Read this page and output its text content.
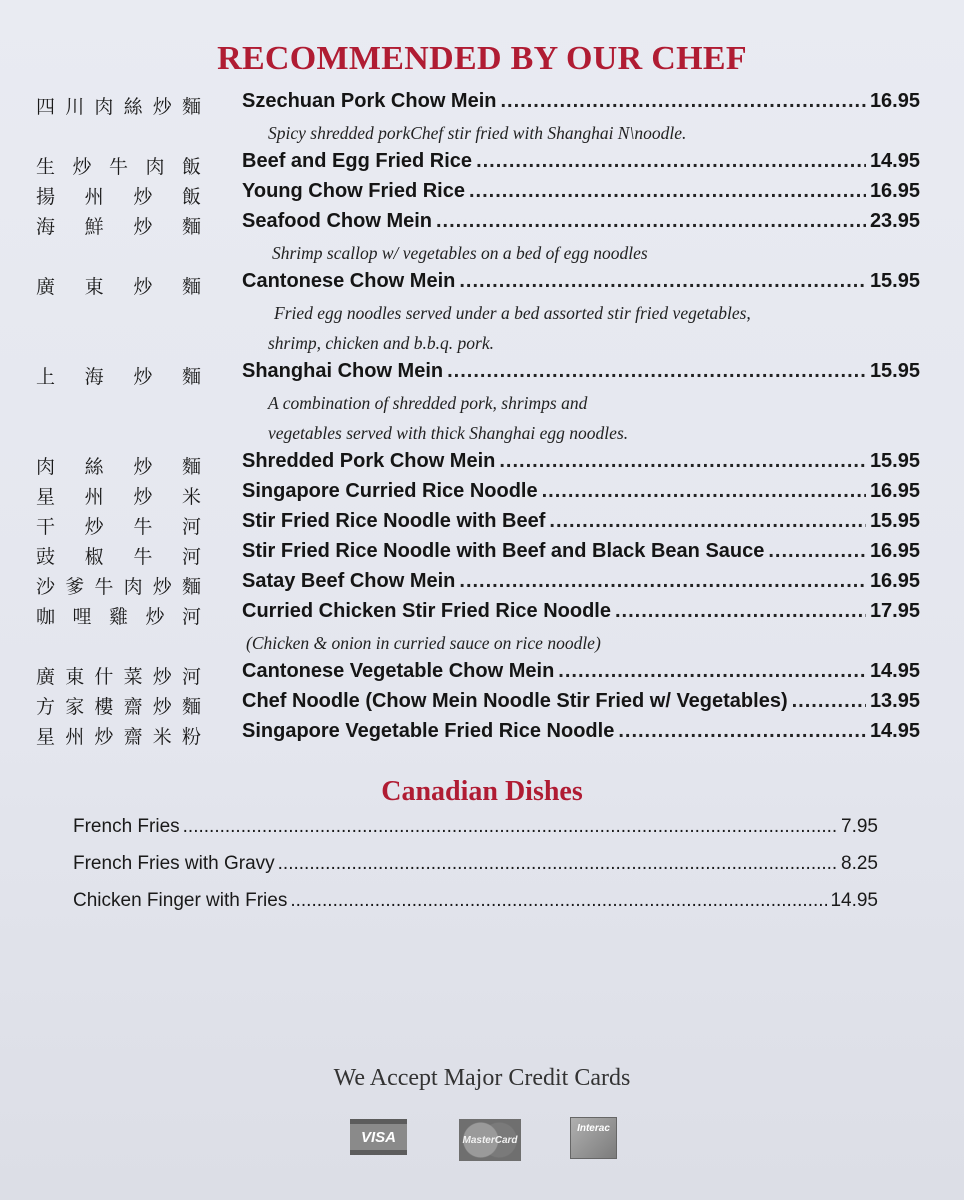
RECOMMENDED BY OUR CHEF
四 川 肉 絲 炒 麵 Szechuan Pork Chow Mein .....	16.95
Spicy shredded porkChef stir fried with Shanghai N\noodle.
生 炒 牛 肉 飯 Beef and Egg Fried Rice .....	14.95
揚 州 炒 飯 Young Chow Fried Rice .....	16.95
海 鮮 炒 麵 Seafood Chow Mein .....	23.95
Shrimp scallop w/ vegetables on a bed of egg noodles
廣 東 炒 麵 Cantonese Chow Mein .....	15.95
Fried egg noodles served under a bed assorted stir fried vegetables,
shrimp, chicken and b.b.q. pork.
上 海 炒 麵 Shanghai Chow Mein .....	15.95
A combination of shredded pork, shrimps and
vegetables served with thick Shanghai egg noodles.
肉 絲 炒 麵 Shredded Pork Chow Mein .....	15.95
星 州 炒 米 Singapore Curried Rice Noodle .....	16.95
干 炒 牛 河 Stir Fried Rice Noodle with Beef .....	15.95
豉 椒 牛 河 Stir Fried Rice Noodle with Beef and Black Bean Sauce .....	16.95
沙 爹 牛 肉 炒 麵 Satay Beef Chow Mein .....	16.95
咖 哩 雞 炒 河 Curried Chicken Stir Fried Rice Noodle .....	17.95
(Chicken & onion in curried sauce on rice noodle)
廣 東 什 菜 炒 河 Cantonese Vegetable Chow Mein .....	14.95
方 家 樓 齋 炒 麵 Chef Noodle (Chow Mein Noodle Stir Fried w/ Vegetables) .....	13.95
星 州 炒 齋 米 粉 Singapore Vegetable Fried Rice Noodle .....	14.95
Canadian Dishes
French Fries .....	7.95
French Fries with Gravy .....	8.25
Chicken Finger with Fries .....	14.95
We Accept Major Credit Cards
VISA	MasterCard
Interac
